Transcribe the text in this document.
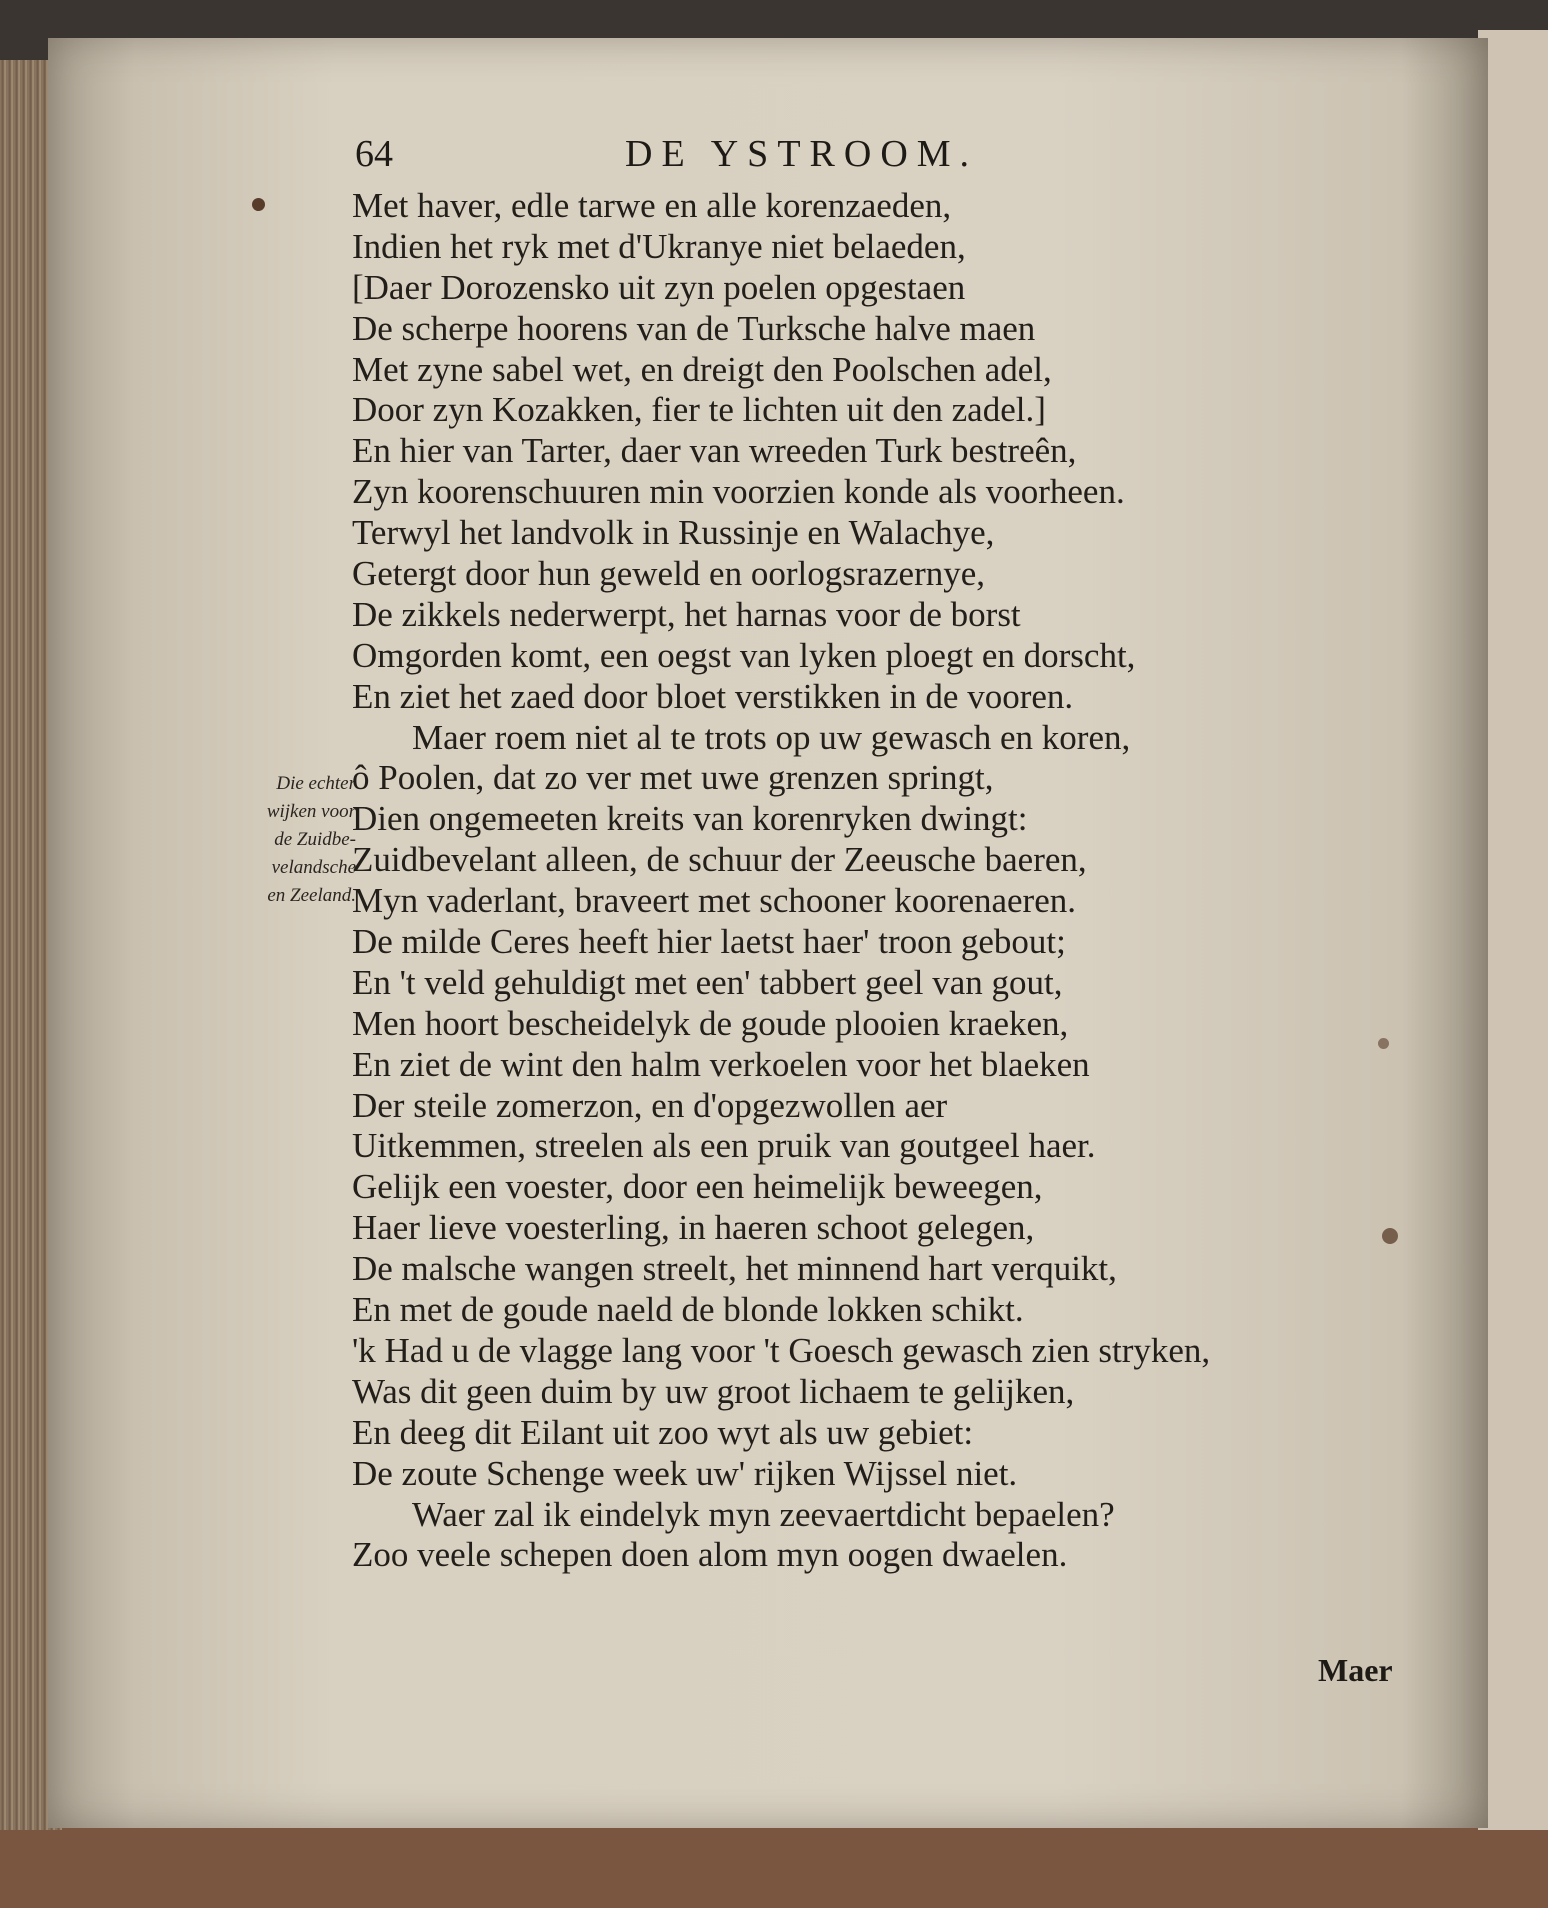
64	DE YSTROOM.
Die echter
wijken voor
de Zuidbe-
velandsche
en Zeeland.
Met haver, edle tarwe en alle korenzaeden,
Indien het ryk met d'Ukranye niet belaeden,
[Daer Dorozensko uit zyn poelen opgestaen
De scherpe hoorens van de Turksche halve maen
Met zyne sabel wet, en dreigt den Poolschen adel,
Door zyn Kozakken, fier te lichten uit den zadel.]
En hier van Tarter, daer van wreeden Turk bestreên,
Zyn koorenschuuren min voorzien konde als voorheen.
Terwyl het landvolk in Russinje en Walachye,
Getergt door hun geweld en oorlogsrazernye,
De zikkels nederwerpt, het harnas voor de borst
Omgorden komt, een oegst van lyken ploegt en dorscht,
En ziet het zaed door bloet verstikken in de vooren.
Maer roem niet al te trots op uw gewasch en koren,
ô Poolen, dat zo ver met uwe grenzen springt,
Dien ongemeeten kreits van korenryken dwingt:
Zuidbevelant alleen, de schuur der Zeeusche baeren,
Myn vaderlant, braveert met schooner koorenaeren.
De milde Ceres heeft hier laetst haer' troon gebout;
En 't veld gehuldigt met een' tabbert geel van gout,
Men hoort bescheidelyk de goude plooien kraeken,
En ziet de wint den halm verkoelen voor het blaeken
Der steile zomerzon, en d'opgezwollen aer
Uitkemmen, streelen als een pruik van goutgeel haer.
Gelijk een voester, door een heimelijk beweegen,
Haer lieve voesterling, in haeren schoot gelegen,
De malsche wangen streelt, het minnend hart verquikt,
En met de goude naeld de blonde lokken schikt.
'k Had u de vlagge lang voor 't Goesch gewasch zien stryken,
Was dit geen duim by uw groot lichaem te gelijken,
En deeg dit Eilant uit zoo wyt als uw gebiet:
De zoute Schenge week uw' rijken Wijssel niet.
Waer zal ik eindelyk myn zeevaertdicht bepaelen?
Zoo veele schepen doen alom myn oogen dwaelen.
Maer
